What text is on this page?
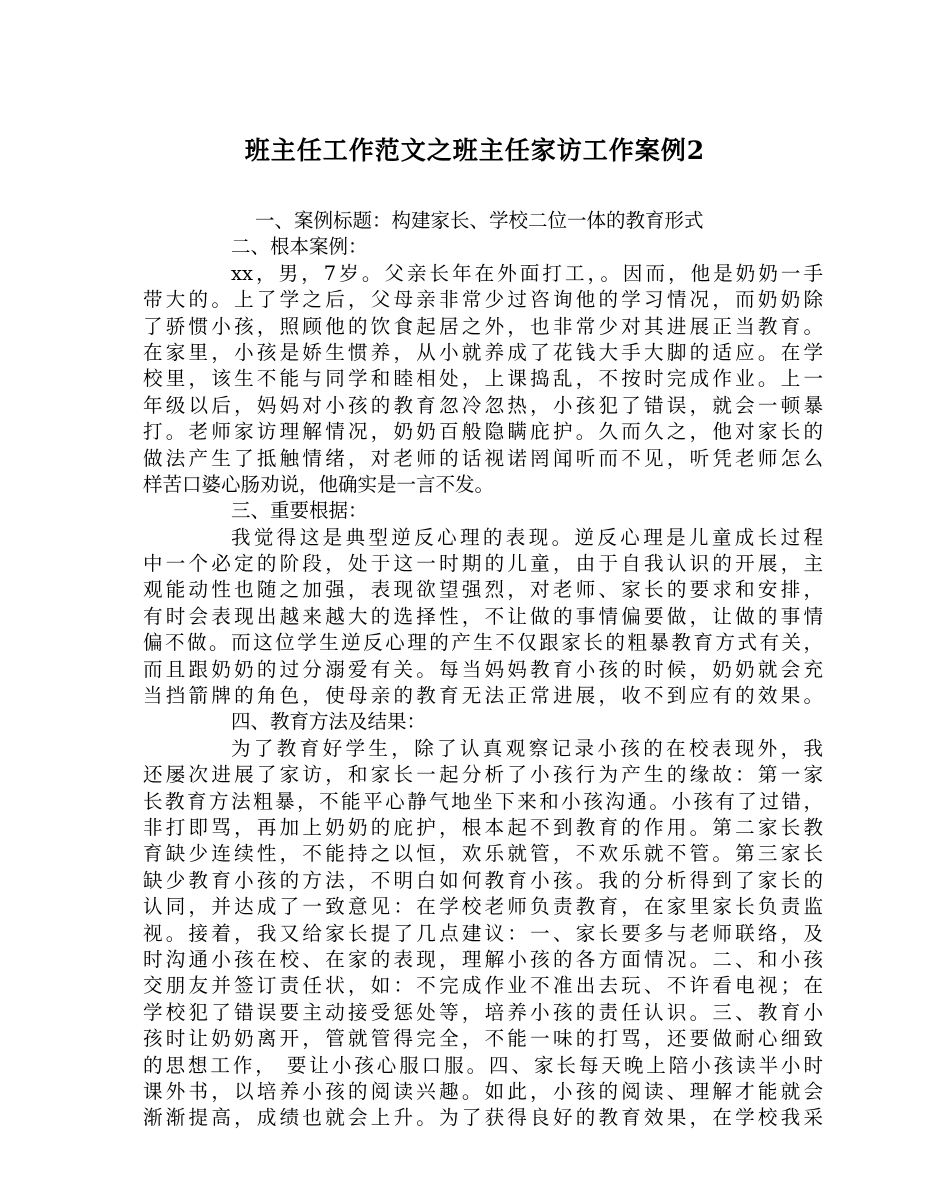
班主任工作范文之班主任家访工作案例2
一、案例标题：构建家长、学校二位一体的教育形式
二、根本案例：
xx，男，7岁。父亲长年在外面打工，。因而，他是奶奶一手
带大的。上了学之后，父母亲非常少过咨询他的学习情况，而奶奶除
了骄惯小孩，照顾他的饮食起居之外，也非常少对其进展正当教育。
在家里，小孩是娇生惯养，从小就养成了花钱大手大脚的适应。在学
校里，该生不能与同学和睦相处，上课捣乱，不按时完成作业。上一
年级以后，妈妈对小孩的教育忽冷忽热，小孩犯了错误，就会一顿暴
打。老师家访理解情况，奶奶百般隐瞒庇护。久而久之，他对家长的
做法产生了抵触情绪，对老师的话视诺罔闻听而不见，听凭老师怎么
样苦口婆心肠劝说，他确实是一言不发。
三、重要根据：
我觉得这是典型逆反心理的表现。逆反心理是儿童成长过程
中一个必定的阶段，处于这一时期的儿童，由于自我认识的开展，主
观能动性也随之加强，表现欲望强烈，对老师、家长的要求和安排，
有时会表现出越来越大的选择性，不让做的事情偏要做，让做的事情
偏不做。而这位学生逆反心理的产生不仅跟家长的粗暴教育方式有关，
而且跟奶奶的过分溺爱有关。每当妈妈教育小孩的时候，奶奶就会充
当挡箭牌的角色，使母亲的教育无法正常进展，收不到应有的效果。
四、教育方法及结果：
为了教育好学生，除了认真观察记录小孩的在校表现外，我
还屡次进展了家访，和家长一起分析了小孩行为产生的缘故：第一家
长教育方法粗暴，不能平心静气地坐下来和小孩沟通。小孩有了过错，
非打即骂，再加上奶奶的庇护，根本起不到教育的作用。第二家长教
育缺少连续性，不能持之以恒，欢乐就管，不欢乐就不管。第三家长
缺少教育小孩的方法，不明白如何教育小孩。我的分析得到了家长的
认同，并达成了一致意见：在学校老师负责教育，在家里家长负责监
视。接着，我又给家长提了几点建议：一、家长要多与老师联络，及
时沟通小孩在校、在家的表现，理解小孩的各方面情况。二、和小孩
交朋友并签订责任状，如：不完成作业不准出去玩、不许看电视；在
学校犯了错误要主动接受惩处等，培养小孩的责任认识。三、教育小
孩时让奶奶离开，管就管得完全，不能一味的打骂，还要做耐心细致
的思想工作， 要让小孩心服口服。四、家长每天晚上陪小孩读半小时
课外书，以培养小孩的阅读兴趣。如此，小孩的阅读、理解才能就会
渐渐提高，成绩也就会上升。为了获得良好的教育效果，在学校我采
